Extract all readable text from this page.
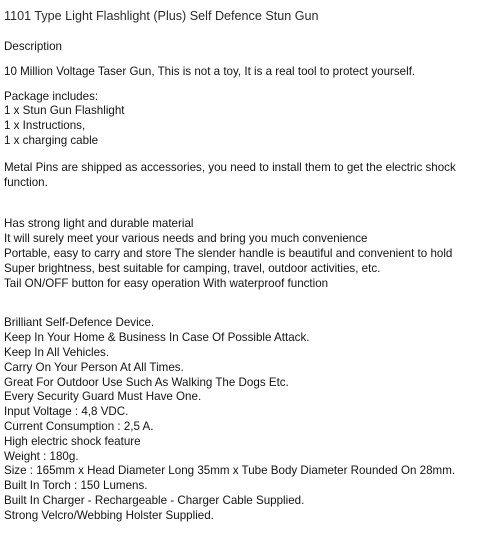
1101 Type Light Flashlight (Plus) Self Defence Stun Gun

Description

10 Million Voltage Taser Gun, This is not a toy, It is a real tool to protect yourself.

Package includes:

1 x Stun Gun Flashlight

1 x Instructions,

1 x charging cable

Metal Pins are shipped as accessories, you need to install them to get the electric shock function.

Has strong light and durable material

It will surely meet your various needs and bring you much convenience

Portable, easy to carry and store The slender handle is beautiful and convenient to hold

Super brightness, best suitable for camping, travel, outdoor activities, etc.

Tail ON/OFF button for easy operation With waterproof function

Brilliant Self-Defence Device.

Keep In Your Home & Business In Case Of Possible Attack.

Keep In All Vehicles.

Carry On Your Person At All Times.

Great For Outdoor Use Such As Walking The Dogs Etc.

Every Security Guard Must Have One.

Input Voltage : 4,8 VDC.

Current Consumption : 2,5 A.

High electric shock feature

Weight : 180g.

Size : 165mm x Head Diameter Long 35mm x Tube Body Diameter Rounded On 28mm.

Built In Torch : 150 Lumens.

Built In Charger - Rechargeable - Charger Cable Supplied.

Strong Velcro/Webbing Holster Supplied.
